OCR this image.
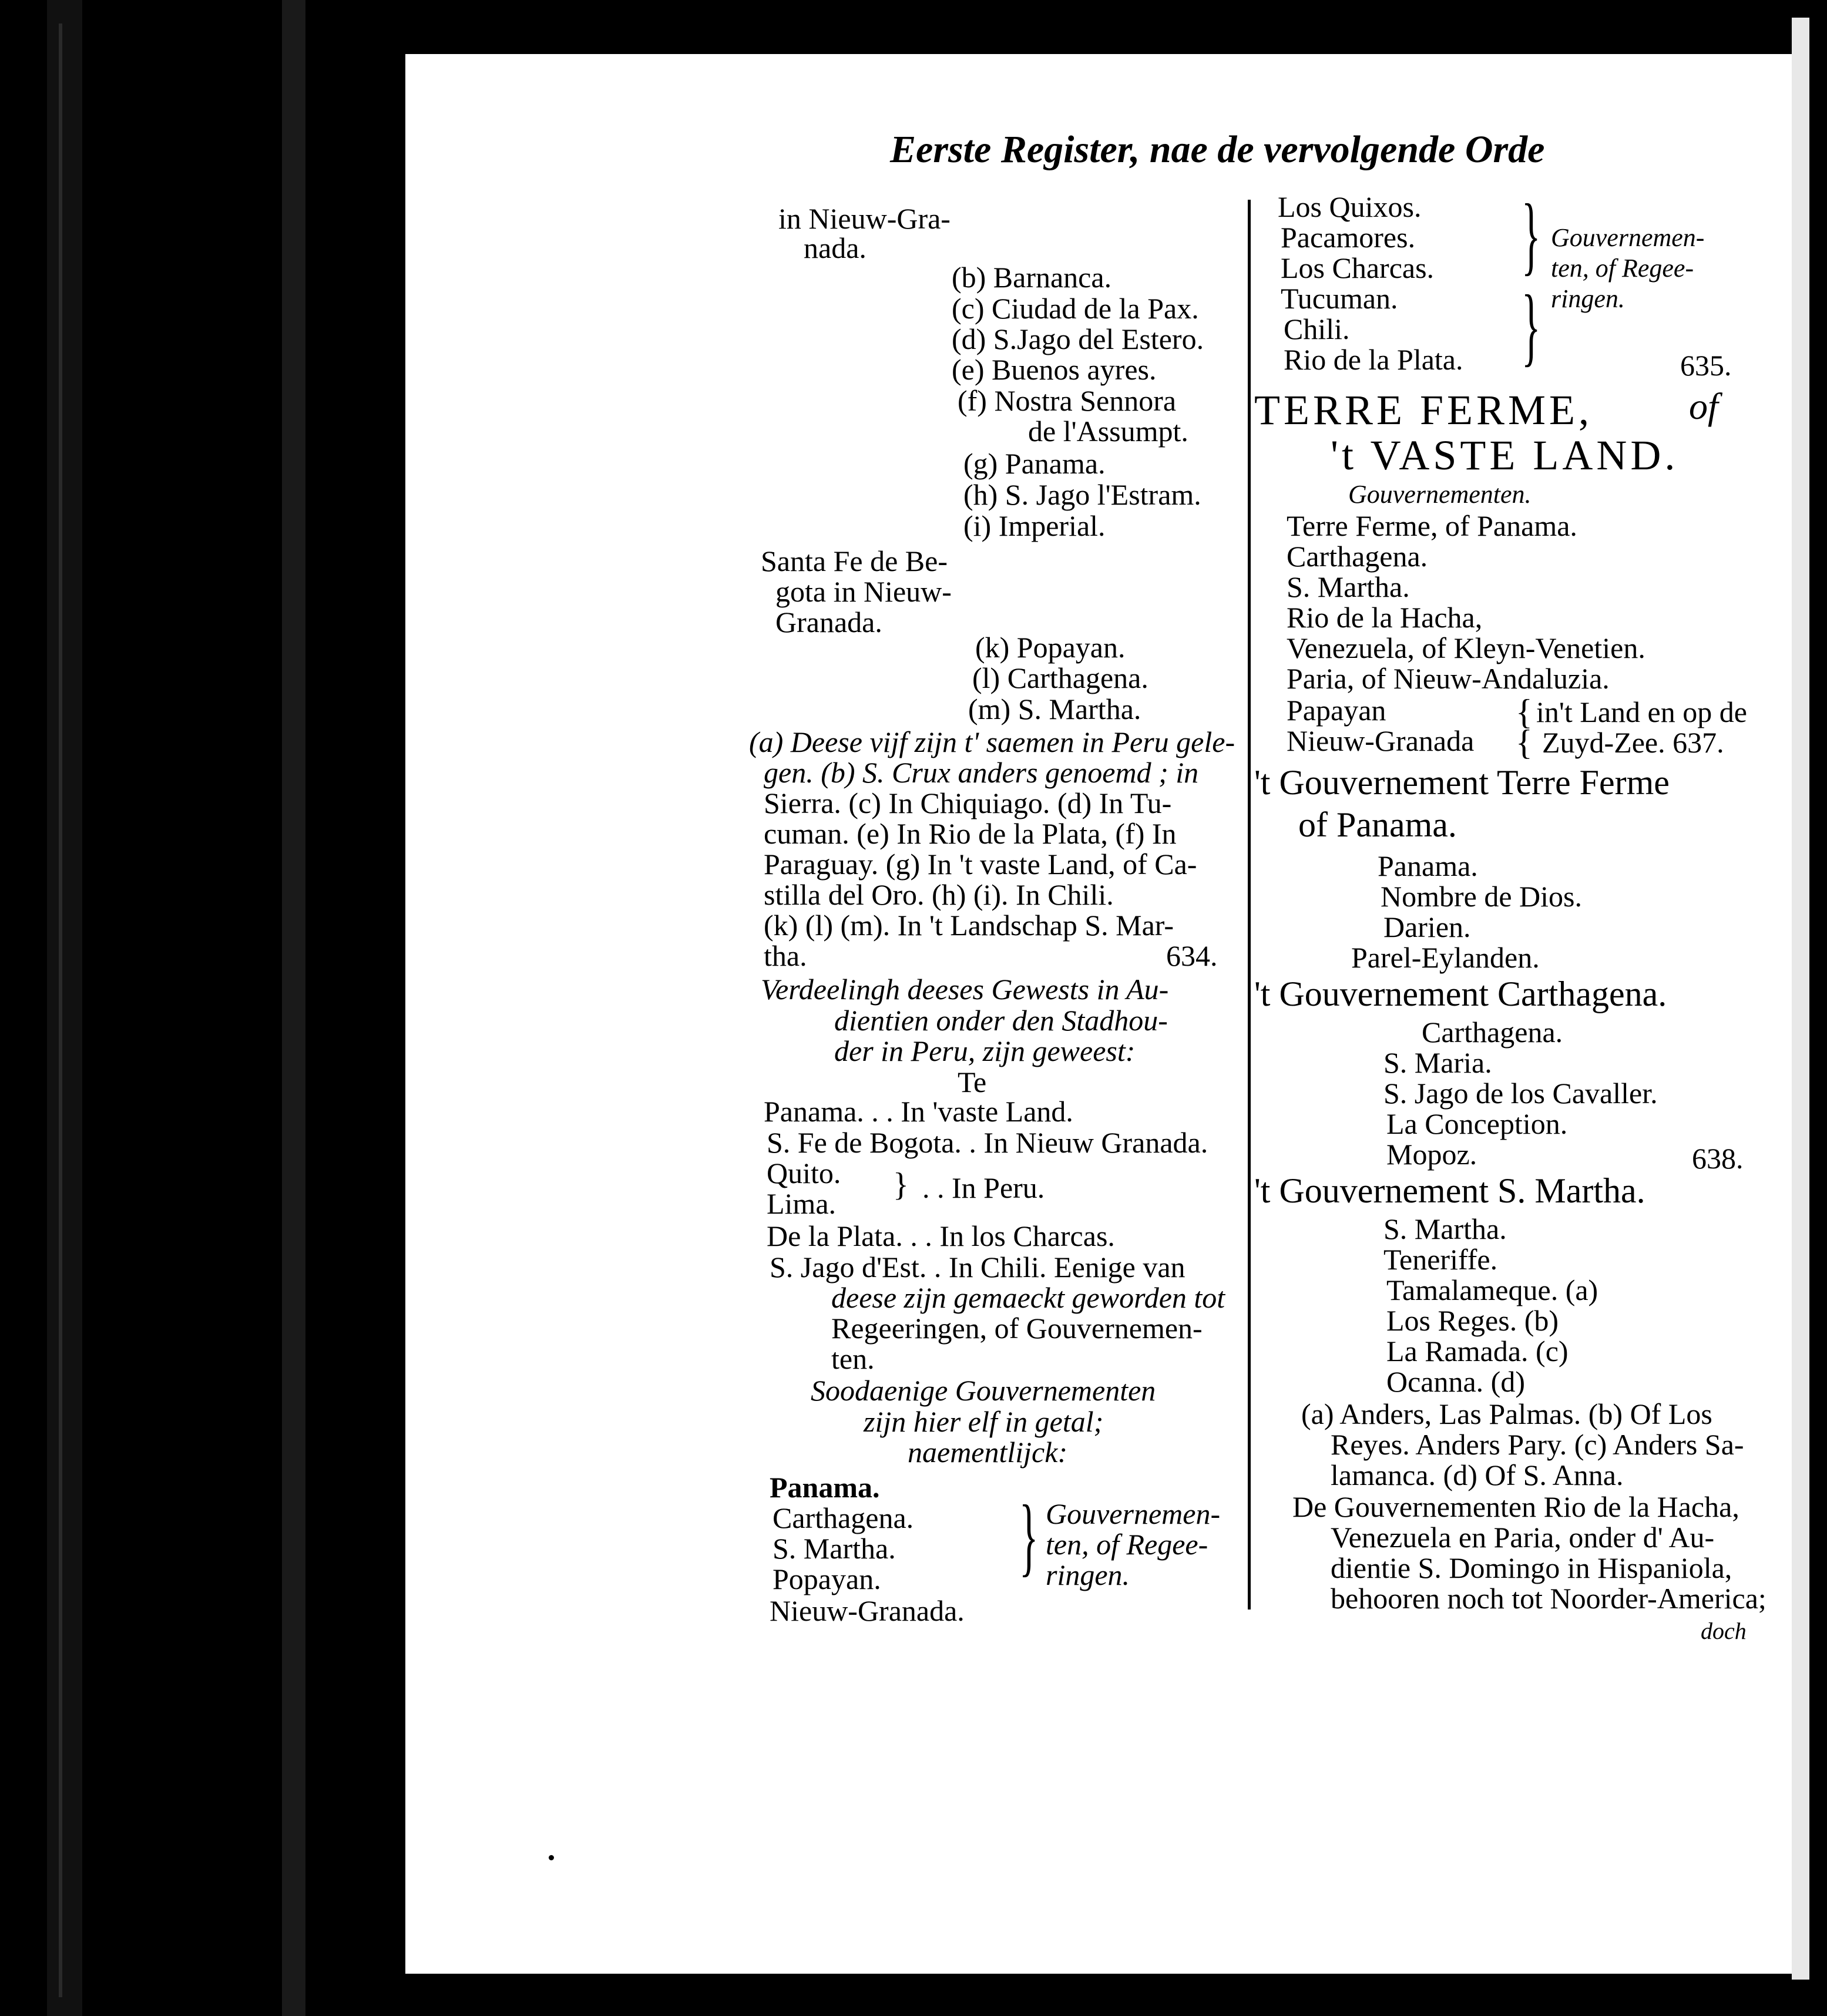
Eerste Register, nae de vervolgende Orde
in Nieuw-Gra-
nada.
(b) Barnanca.
(c) Ciudad de la Pax.
(d) S.Jago del Estero.
(e) Buenos ayres.
(f) Nostra Sennora
de l'Assumpt.
(g) Panama.
(h) S. Jago l'Estram.
(i) Imperial.
Santa Fe de Be-
gota in Nieuw-
Granada.
(k) Popayan.
(l) Carthagena.
(m) S. Martha.
(a) Deese vijf zijn t' saemen in Peru gele-
gen. (b) S. Crux anders genoemd ; in
Sierra. (c) In Chiquiago. (d) In Tu-
cuman. (e) In Rio de la Plata, (f) In
Paraguay. (g) In 't vaste Land, of Ca-
stilla del Oro. (h) (i). In Chili.
(k) (l) (m). In 't Landschap S. Mar-
tha.	634.
Verdeelingh deeses Gewests in Au-
dientien onder den Stadhou-
der in Peru, zijn geweest:
Te
Panama. . . In 'vaste Land.
S. Fe de Bogota. . In Nieuw Granada.
Quito. } . . In Peru.
Lima.
De la Plata. . . In los Charcas.
S. Jago d'Est. . In Chili. Eenige van
deese zijn gemaeckt geworden tot
Regeeringen, of Gouvernemen-
ten.
Soodaenige Gouvernementen
zijn hier elf in getal;
naementlijck:
Panama.
Carthagena.
S. Martha.
Popayan.
Nieuw-Granada.
} Gouvernemen-
ten, of Regee-
ringen.
Los Quixos.
Pacamores.
Los Charcas.
Tucuman.
Chili.
Rio de la Plata.
}
}
Gouvernemen-
ten, of Regee-
ringen.
635.
TERRE FERME,	of
't VASTE LAND.
Gouvernementen.
Terre Ferme, of Panama.
Carthagena.
S. Martha.
Rio de la Hacha,
Venezuela, of Kleyn-Venetien.
Paria, of Nieuw-Andaluzia.
Papayan	{ in't Land en op de
Nieuw-Granada { Zuyd-Zee. 637.
't Gouvernement Terre Ferme
of Panama.
Panama.
Nombre de Dios.
Darien.
Parel-Eylanden.
't Gouvernement Carthagena.
Carthagena.
S. Maria.
S. Jago de los Cavaller.
La Conception.
Mopoz.	638.
't Gouvernement S. Martha.
S. Martha.
Teneriffe.
Tamalameque. (a)
Los Reges. (b)
La Ramada. (c)
Ocanna. (d)
(a) Anders, Las Palmas. (b) Of Los
Reyes. Anders Pary. (c) Anders Sa-
lamanca. (d) Of S. Anna.
De Gouvernementen Rio de la Hacha,
Venezuela en Paria, onder d' Au-
dientie S. Domingo in Hispaniola,
behooren noch tot Noorder-America;
doch
